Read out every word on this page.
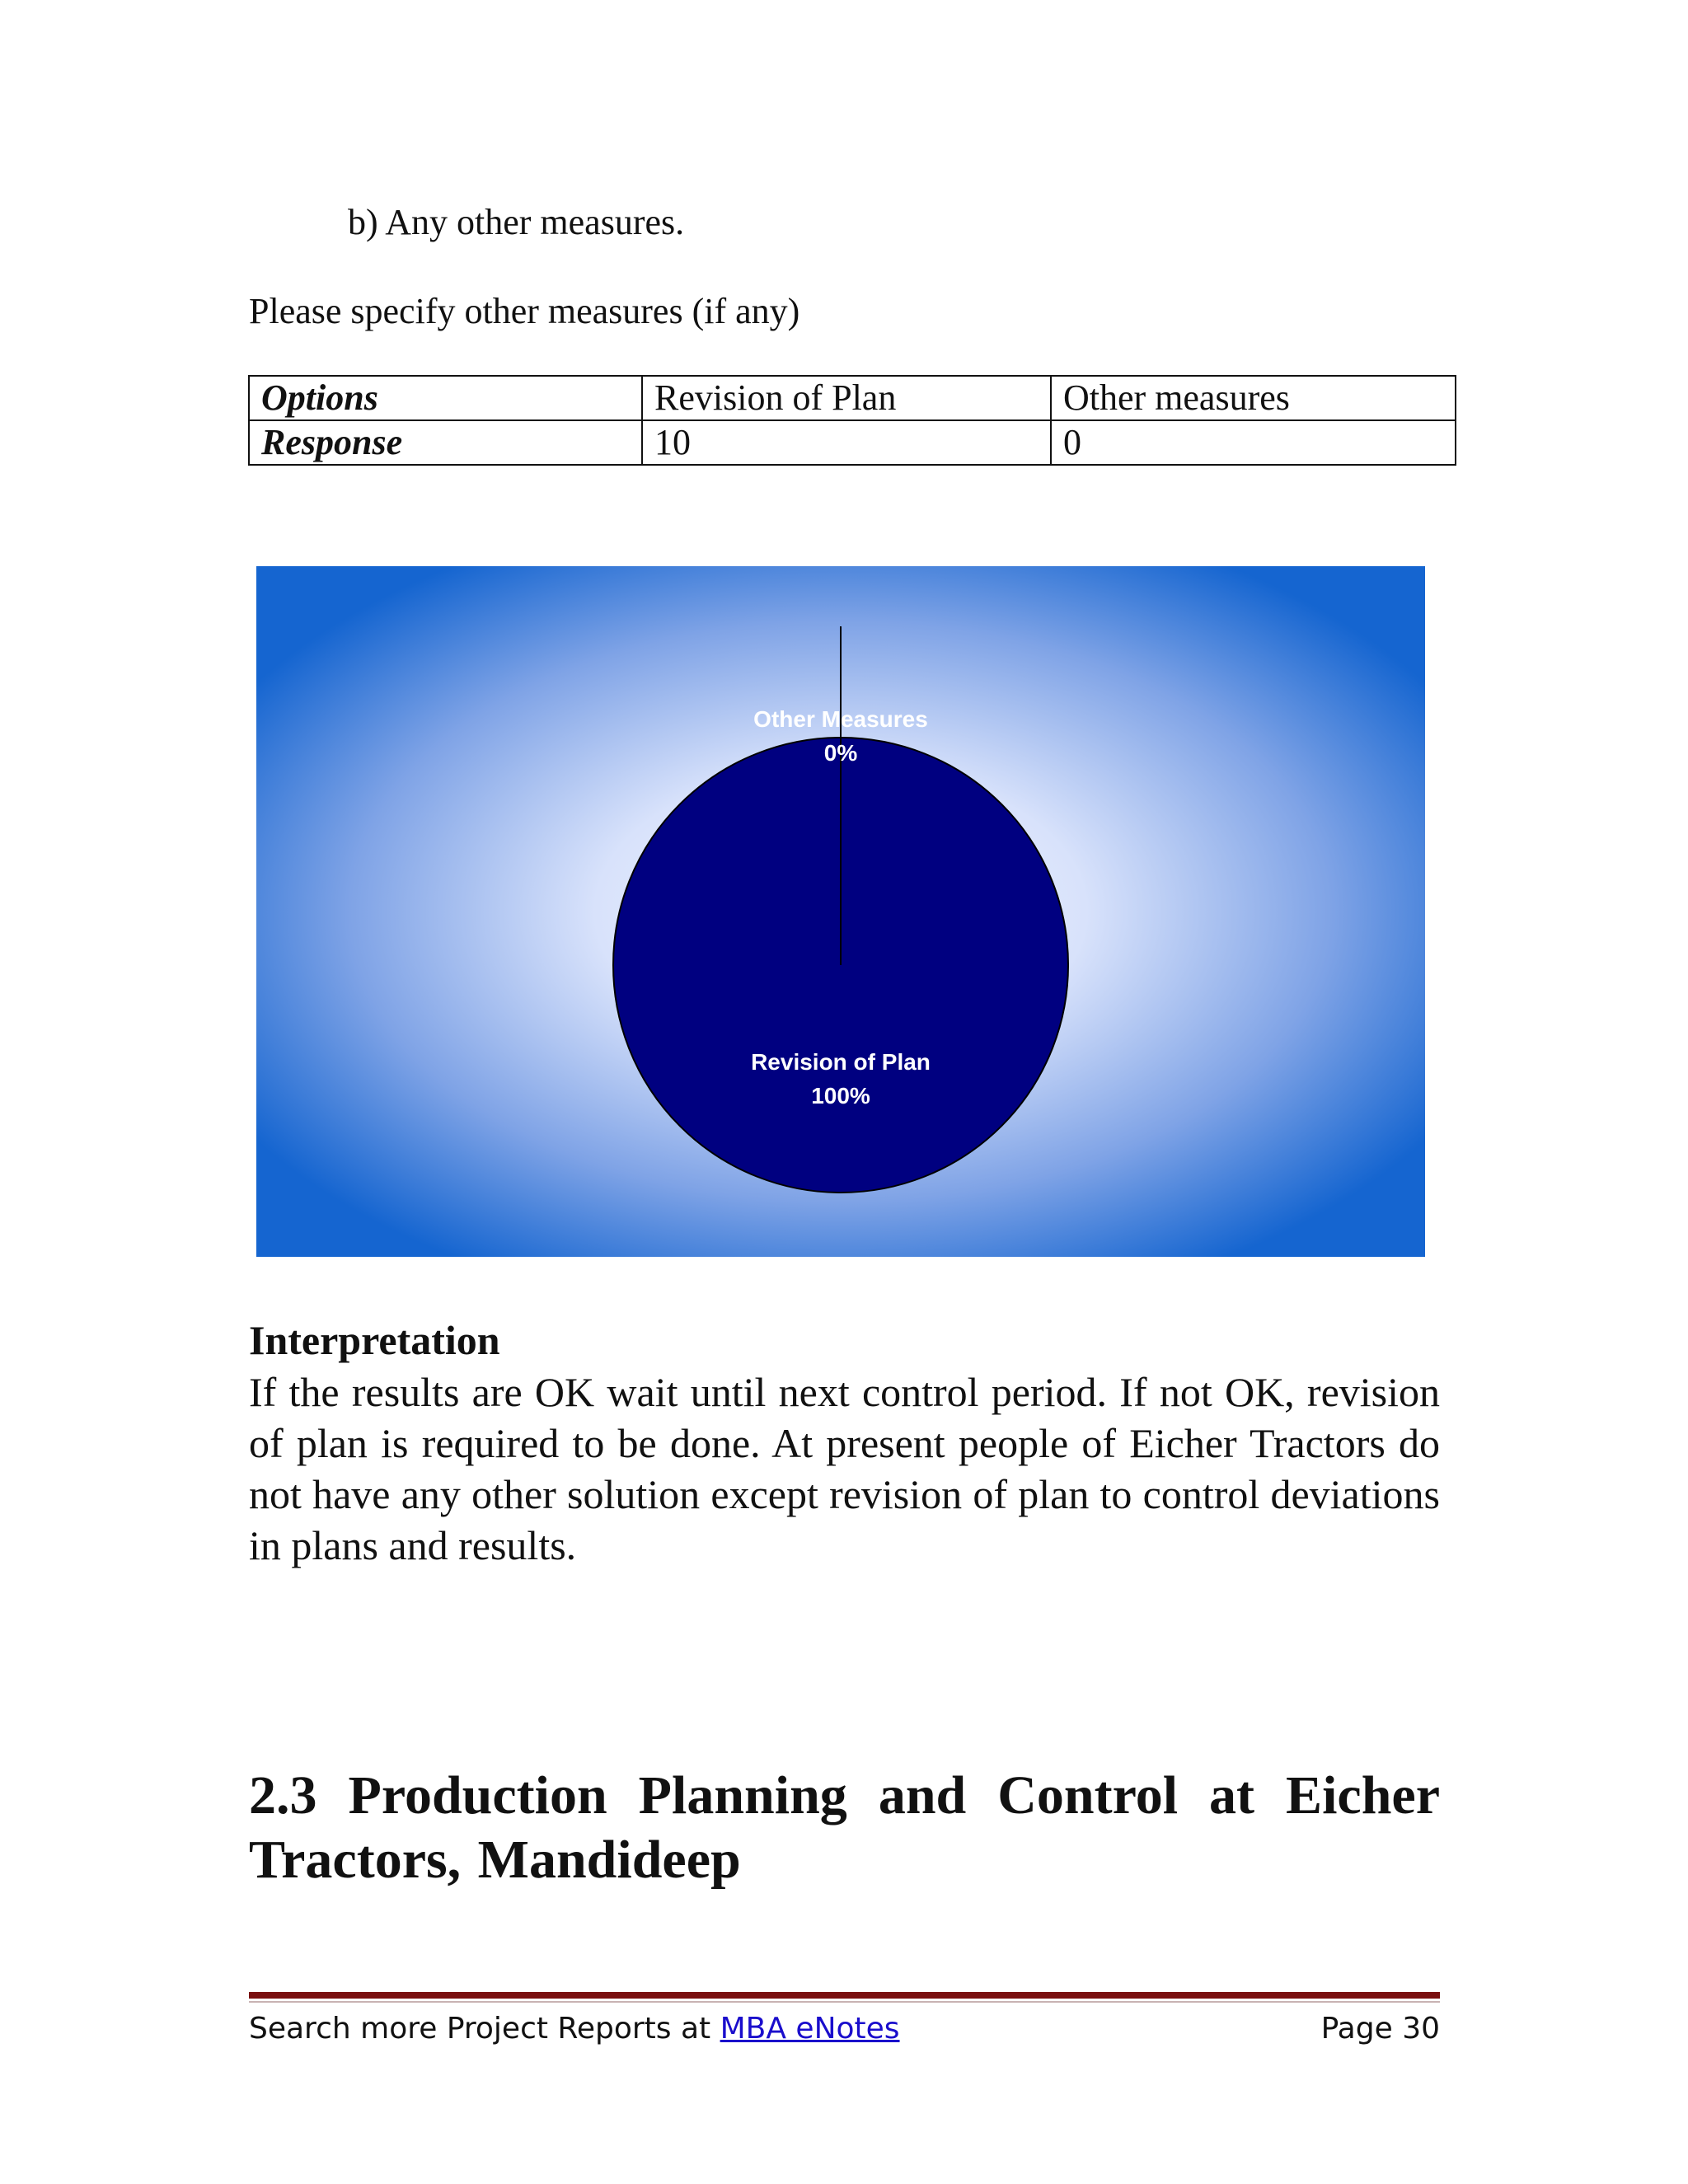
b) Any other measures.

Please specify other measures (if any)

Options	Revision of Plan	Other measures
Response	10	0
Other Measures
0%
Revision of Plan
100%

Interpretation

If the results are OK wait until next control period. If not OK, revision of plan is required to be done. At present people of Eicher Tractors do not have any other solution except revision of plan to control deviations in plans and results.

2.3 Production Planning and Control at Eicher Tractors, Mandideep

Search more Project Reports at MBA eNotes	Page 30
